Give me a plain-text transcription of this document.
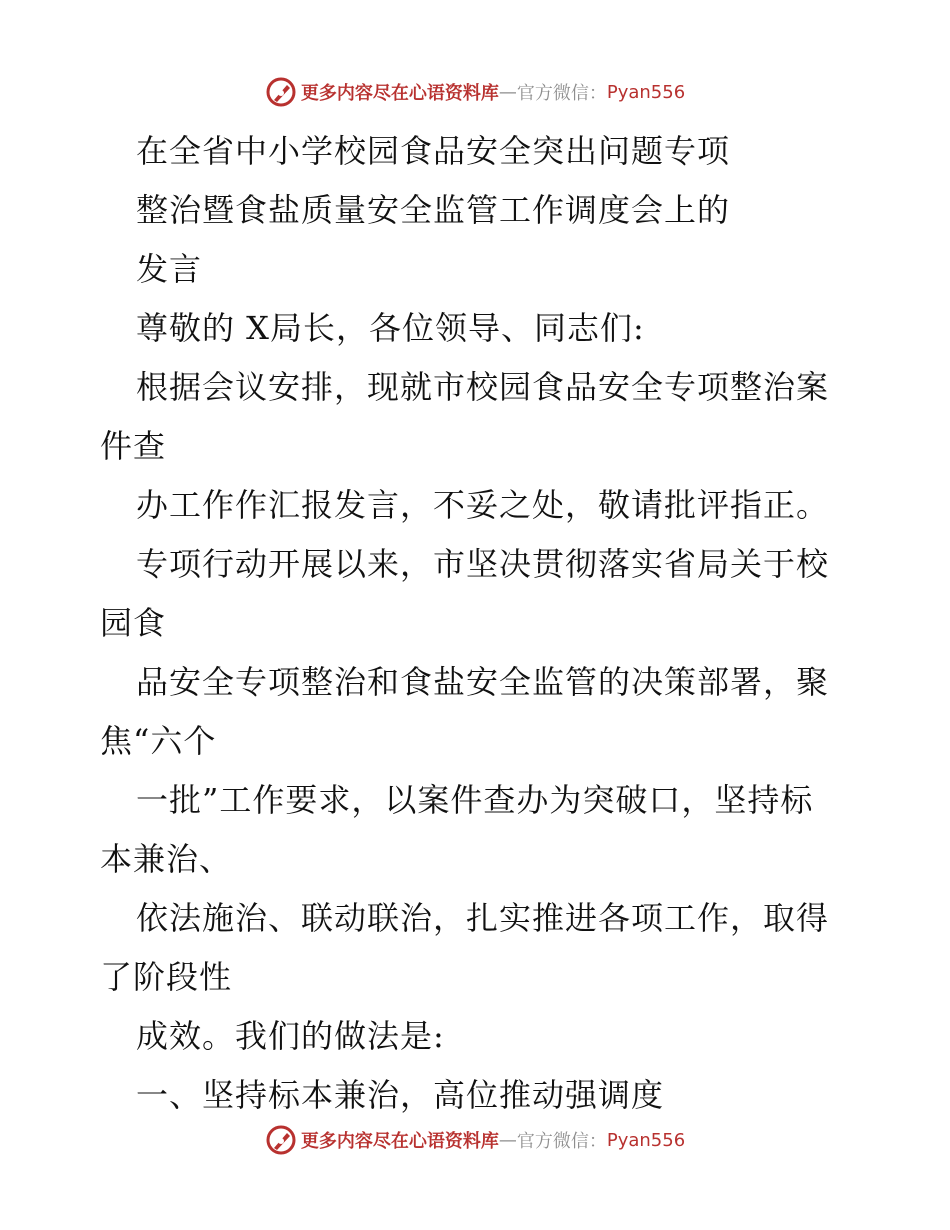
更多内容尽在心语资料库 — 官方微信： Pyan556
在全省中小学校园食品安全突出问题专项
整治暨食盐质量安全监管工作调度会上的
发言
尊敬的 X局长，各位领导、同志们:
根据会议安排，现就市校园食品安全专项整治案
件查
办工作作汇报发言，不妥之处，敬请批评指正。
专项行动开展以来，市坚决贯彻落实省局关于校
园食
品安全专项整治和食盐安全监管的决策部署，聚
焦“六个
一批”工作要求，以案件查办为突破口，坚持标
本兼治、
依法施治、联动联治，扎实推进各项工作，取得
了阶段性
成效。我们的做法是:
一、坚持标本兼治，高位推动强调度
更多内容尽在心语资料库 — 官方微信： Pyan556
